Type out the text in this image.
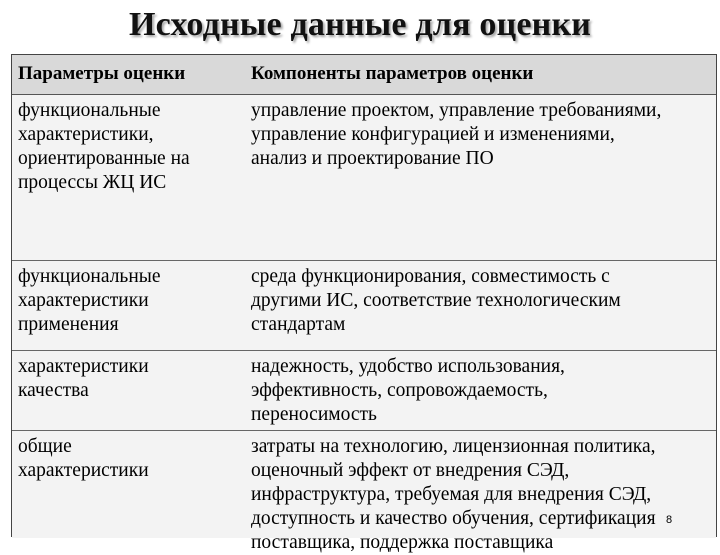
Исходные данные для оценки
Параметры оценки	Компоненты параметров оценки
функциональные
характеристики,
ориентированные на
процессы ЖЦ ИС
управление проектом, управление требованиями,
управление конфигурацией и изменениями,
анализ и проектирование ПО
функциональные
характеристики
применения
среда функционирования, совместимость с
другими ИС, соответствие технологическим
стандартам
характеристики
качества
надежность, удобство использования,
эффективность, сопровождаемость,
переносимость
общие
характеристики
затраты на технологию, лицензионная политика,
оценочный эффект от внедрения СЭД,
инфраструктура, требуемая для внедрения СЭД,
доступность и качество обучения, сертификация
поставщика, поддержка поставщика
8
